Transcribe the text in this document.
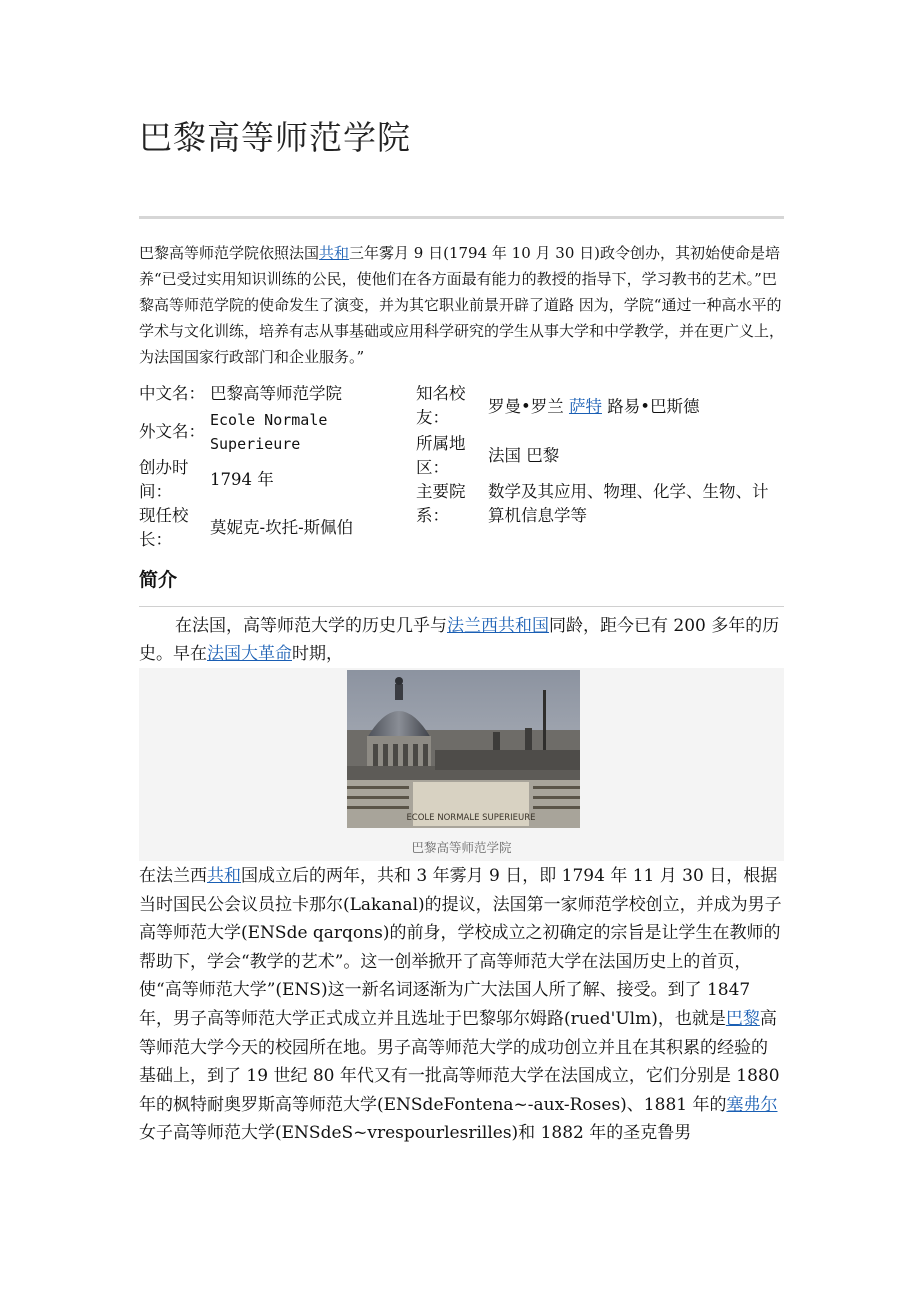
巴黎高等师范学院

巴黎高等师范学院依照法国共和三年雾月 9 日(1794 年 10 月 30 日)政令创办，其初始使命是培养“已受过实用知识训练的公民，使他们在各方面最有能力的教授的指导下，学习教书的艺术。”巴黎高等师范学院的使命发生了演变，并为其它职业前景开辟了道路 因为，学院“通过一种高水平的学术与文化训练，培养有志从事基础或应用科学研究的学生从事大学和中学教学，并在更广义上，为法国国家行政部门和企业服务。”

中文名： 巴黎高等师范学院	知名校友：
罗曼•罗兰 萨特 路易•巴斯德
外文名：
Ecole Normale Superieure	所属地区：
法国 巴黎
创办时间：
1794 年
主要院系：
数学及其应用、物理、化学、生物、计算机信息学等
现任校长：
莫妮克-坎托-斯佩伯
简介

在法国，高等师范大学的历史几乎与法兰西共和国同龄，距今已有 200 多年的历史。早在法国大革命时期，

ECOLE NORMALE SUPERIEURE
巴黎高等师范学院

在法兰西共和国成立后的两年，共和 3 年雾月 9 日，即 1794 年 11 月 30 日，根据当时国民公会议员拉卡那尔(Lakanal)的提议，法国第一家师范学校创立，并成为男子高等师范大学(ENSde qarqons)的前身，学校成立之初确定的宗旨是让学生在教师的帮助下，学会“教学的艺术”。这一创举掀开了高等师范大学在法国历史上的首页，使“高等师范大学”(ENS)这一新名词逐渐为广大法国人所了解、接受。到了 1847 年，男子高等师范大学正式成立并且选址于巴黎邬尔姆路(rued'Ulm)，也就是巴黎高等师范大学今天的校园所在地。男子高等师范大学的成功创立并且在其积累的经验的基础上，到了 19 世纪 80 年代又有一批高等师范大学在法国成立，它们分别是 1880 年的枫特耐奥罗斯高等师范大学(ENSdeFontena~-aux-Roses)、1881 年的塞弗尔女子高等师范大学(ENSdeS~vrespourlesrilles)和 1882 年的圣克鲁男
